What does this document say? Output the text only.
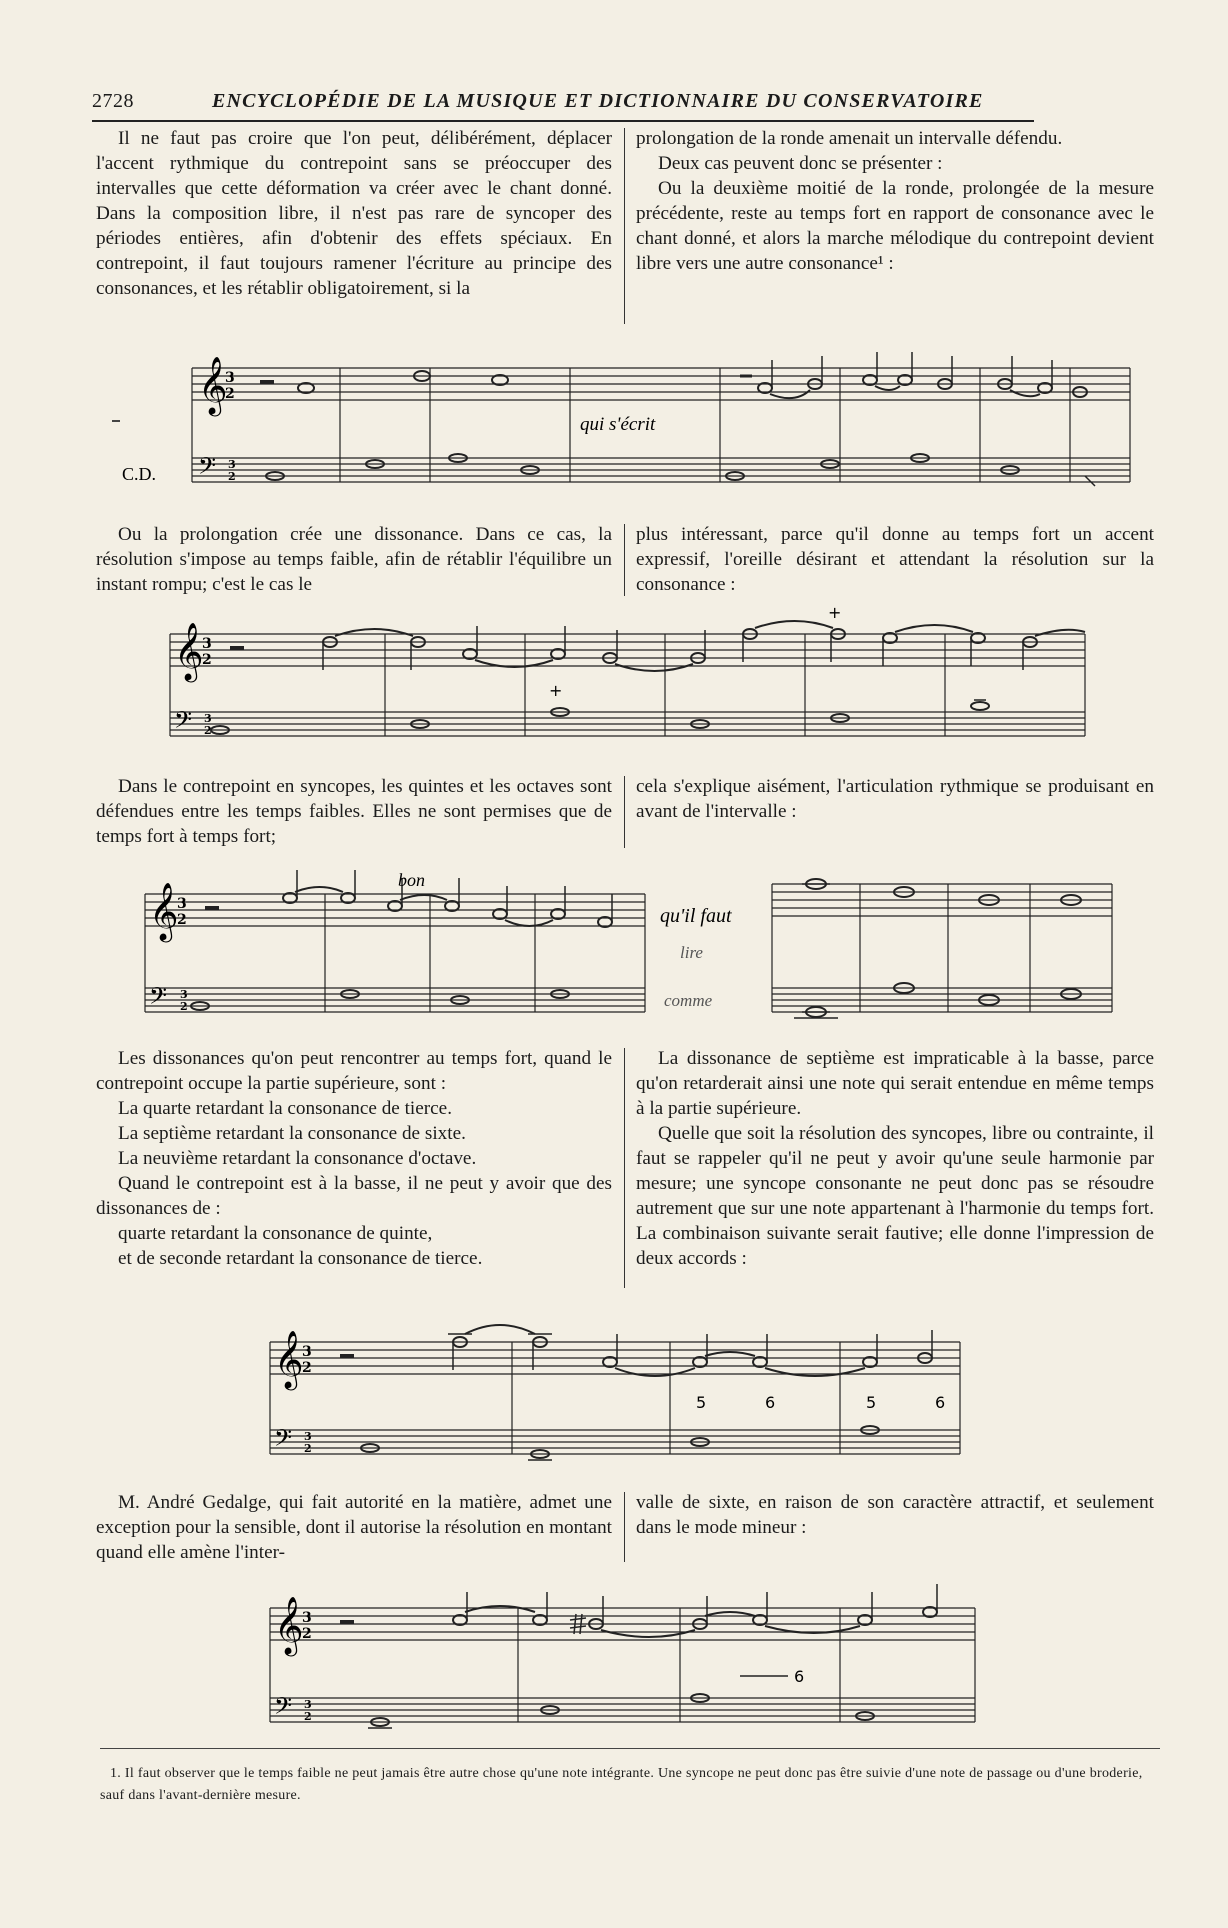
2728	ENCYCLOPÉDIE DE LA MUSIQUE ET DICTIONNAIRE DU CONSERVATOIRE

Il ne faut pas croire que l'on peut, délibérément, déplacer l'accent rythmique du contrepoint sans se préoccuper des intervalles que cette déformation va créer avec le chant donné. Dans la composition libre, il n'est pas rare de syncoper des périodes entières, afin d'obtenir des effets spéciaux. En contrepoint, il faut toujours ramener l'écriture au principe des consonances, et les rétablir obligatoirement, si la

prolongation de la ronde amenait un intervalle défendu.

Deux cas peuvent donc se présenter :

Ou la deuxième moitié de la ronde, prolongée de la mesure précédente, reste au temps fort en rapport de consonance avec le chant donné, et alors la marche mélodique du contrepoint devient libre vers une autre consonance¹ :

𝄞
3
2
𝄢 3
2
qui s'écrit
C.D.

Ou la prolongation crée une dissonance. Dans ce cas, la résolution s'impose au temps faible, afin de rétablir l'équilibre un instant rompu; c'est le cas le

plus intéressant, parce qu'il donne au temps fort un accent expressif, l'oreille désirant et attendant la résolution sur la consonance :

𝄞
3
2
𝄢 3
2
+
+

Dans le contrepoint en syncopes, les quintes et les octaves sont défendues entre les temps faibles. Elles ne sont permises que de temps fort à temps fort;

cela s'explique aisément, l'articulation rythmique se produisant en avant de l'intervalle :

𝄞
3
2
𝄢 3
2
bon
qu'il faut
lire
comme

Les dissonances qu'on peut rencontrer au temps fort, quand le contrepoint occupe la partie supérieure, sont :

La quarte retardant la consonance de tierce.

La septième retardant la consonance de sixte.

La neuvième retardant la consonance d'octave.

Quand le contrepoint est à la basse, il ne peut y avoir que des dissonances de :

quarte retardant la consonance de quinte,

et de seconde retardant la consonance de tierce.

La dissonance de septième est impraticable à la basse, parce qu'on retarderait ainsi une note qui serait entendue en même temps à la partie supérieure.

Quelle que soit la résolution des syncopes, libre ou contrainte, il faut se rappeler qu'il ne peut y avoir qu'une seule harmonie par mesure; une syncope consonante ne peut donc pas se résoudre autrement que sur une note appartenant à l'harmonie du temps fort. La combinaison suivante serait fautive; elle donne l'impression de deux accords :

𝄞
3
2
𝄢 3
2
5	6	5	6

M. André Gedalge, qui fait autorité en la matière, admet une exception pour la sensible, dont il autorise la résolution en montant quand elle amène l'inter-

valle de sixte, en raison de son caractère attractif, et seulement dans le mode mineur :

𝄞
3
2
𝄢 3
2
6

1. Il faut observer que le temps faible ne peut jamais être autre chose qu'une note intégrante. Une syncope ne peut donc pas être suivie d'une note de passage ou d'une broderie, sauf dans l'avant-dernière mesure.
